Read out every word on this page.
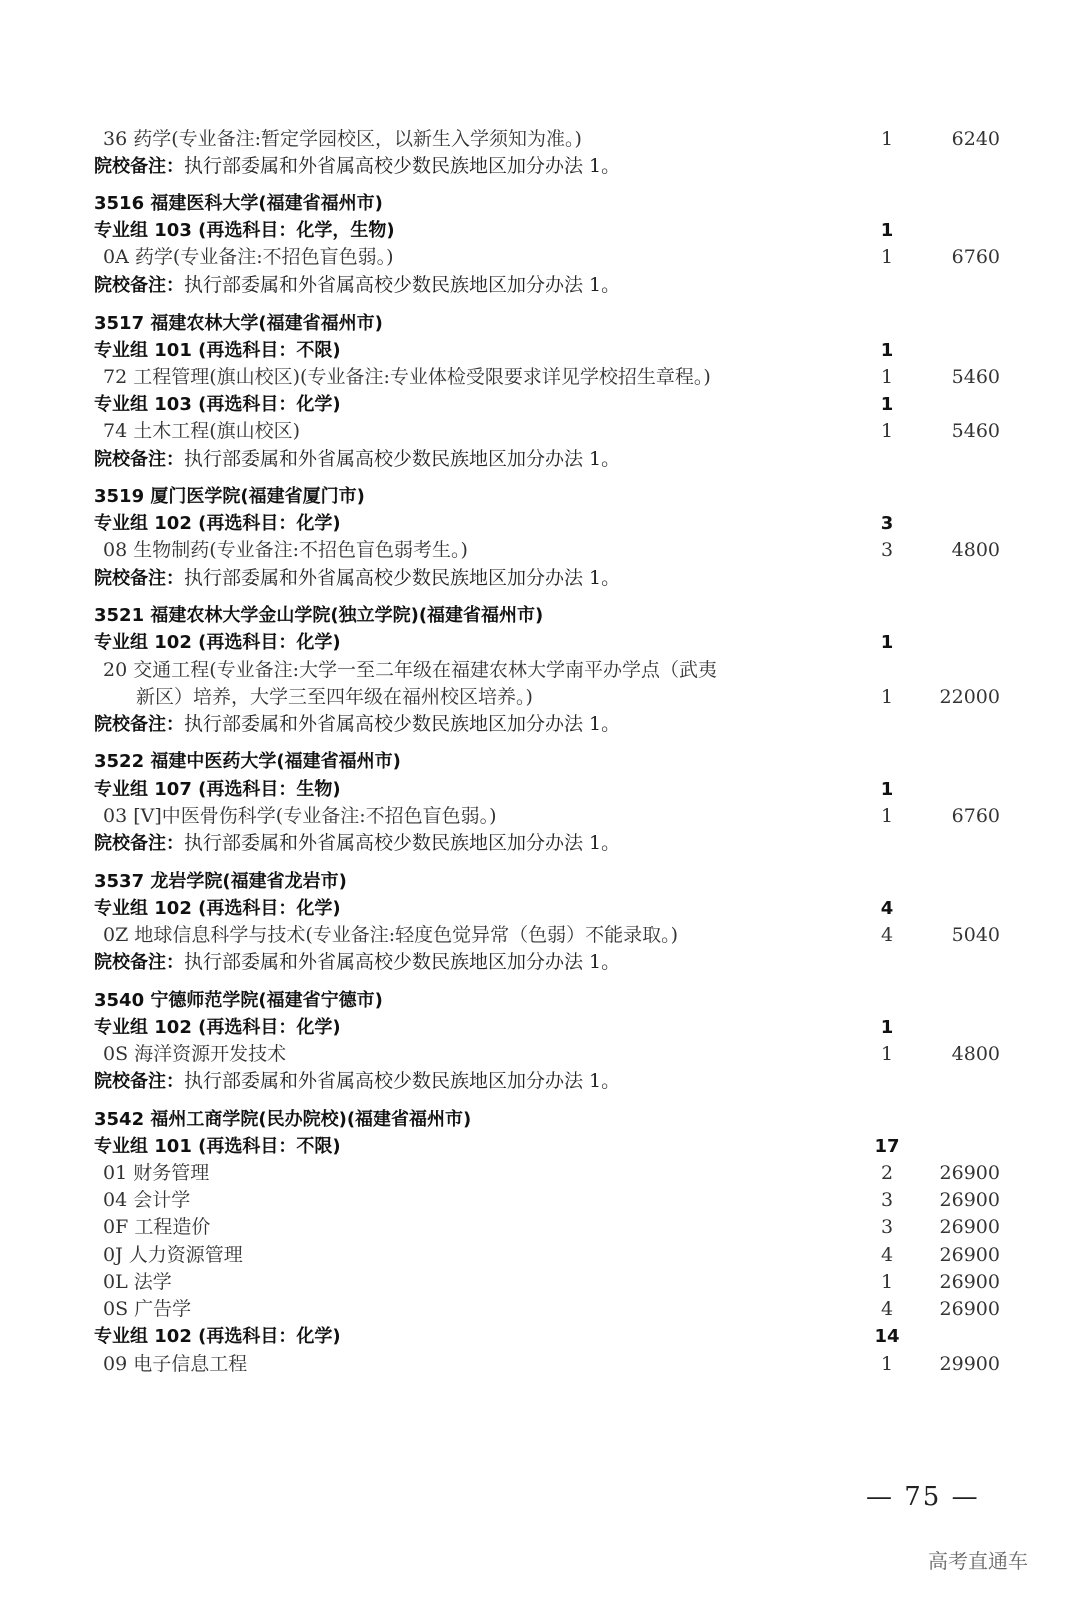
36 药学(专业备注:暂定学园校区，以新生入学须知为准。)	1	6240
院校备注：执行部委属和外省属高校少数民族地区加分办法 1。
3516 福建医科大学(福建省福州市)
专业组 103 (再选科目：化学，生物)	1
0A 药学(专业备注:不招色盲色弱。)	1	6760
院校备注：执行部委属和外省属高校少数民族地区加分办法 1。
3517 福建农林大学(福建省福州市)
专业组 101 (再选科目：不限)	1
72 工程管理(旗山校区)(专业备注:专业体检受限要求详见学校招生章程。)	1	5460
专业组 103 (再选科目：化学)	1
74 土木工程(旗山校区)	1	5460
院校备注：执行部委属和外省属高校少数民族地区加分办法 1。
3519 厦门医学院(福建省厦门市)
专业组 102 (再选科目：化学)	3
08 生物制药(专业备注:不招色盲色弱考生。)	3	4800
院校备注：执行部委属和外省属高校少数民族地区加分办法 1。
3521 福建农林大学金山学院(独立学院)(福建省福州市)
专业组 102 (再选科目：化学)	1
20 交通工程(专业备注:大学一至二年级在福建农林大学南平办学点（武夷
新区）培养，大学三至四年级在福州校区培养。)	1	22000
院校备注：执行部委属和外省属高校少数民族地区加分办法 1。
3522 福建中医药大学(福建省福州市)
专业组 107 (再选科目：生物)	1
03 [V]中医骨伤科学(专业备注:不招色盲色弱。)	1	6760
院校备注：执行部委属和外省属高校少数民族地区加分办法 1。
3537 龙岩学院(福建省龙岩市)
专业组 102 (再选科目：化学)	4
0Z 地球信息科学与技术(专业备注:轻度色觉异常（色弱）不能录取。)	4	5040
院校备注：执行部委属和外省属高校少数民族地区加分办法 1。
3540 宁德师范学院(福建省宁德市)
专业组 102 (再选科目：化学)	1
0S 海洋资源开发技术	1	4800
院校备注：执行部委属和外省属高校少数民族地区加分办法 1。
3542 福州工商学院(民办院校)(福建省福州市)
专业组 101 (再选科目：不限)	17
01 财务管理	2	26900
04 会计学	3	26900
0F 工程造价	3	26900
0J 人力资源管理	4	26900
0L 法学	1	26900
0S 广告学	4	26900
专业组 102 (再选科目：化学)	14
09 电子信息工程	1	29900
— 75 —
高考直通车
